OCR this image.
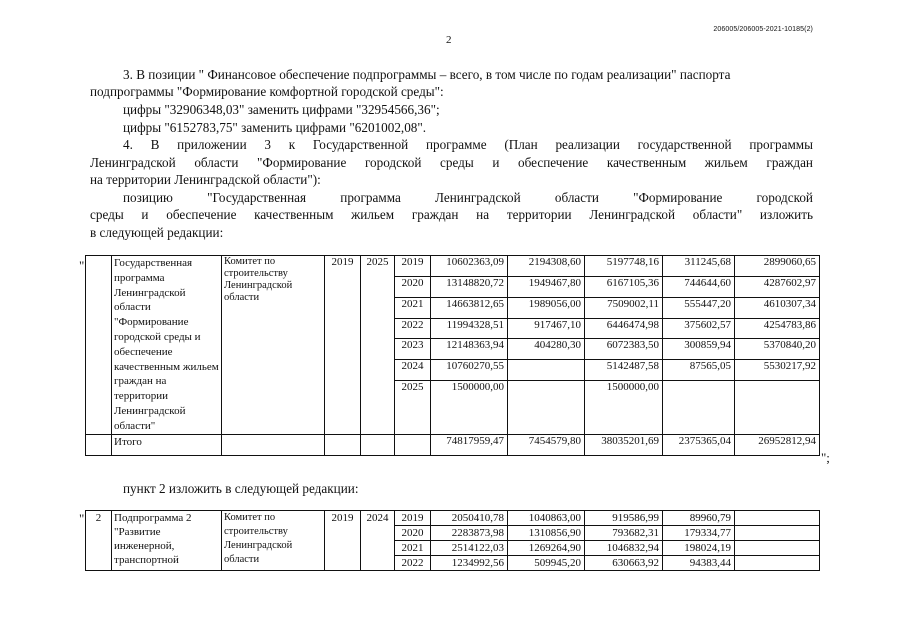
206005/206005-2021-10185(2)
2
3. В позиции " Финансовое обеспечение подпрограммы – всего, в том числе по годам реализации" паспорта
подпрограммы "Формирование комфортной городской среды":
цифры "32906348,03" заменить цифрами "32954566,36";
цифры "6152783,75" заменить цифрами "6201002,08".
4. В приложении 3 к Государственной программе (План реализации государственной программы
Ленинградской области "Формирование городской среды и обеспечение качественным жильем граждан
на территории Ленинградской области"):
позицию "Государственная программа Ленинградской области "Формирование городской
среды и обеспечение качественным жильем граждан на территории Ленинградской области" изложить
в следующей редакции:
"
		Государственная программа Ленинградской области "Формирование городской среды и обеспечение качественным жильем граждан на территории Ленинградской области"	Комитет по строительству Ленинградской области	2019	2025	2019	10602363,09	2194308,60	5197748,16	311245,68	2899060,65
					2020	13148820,72	1949467,80	6167105,36	744644,60	4287602,97
					2021	14663812,65	1989056,00	7509002,11	555447,20	4610307,34
					2022	11994328,51	917467,10	6446474,98	375602,57	4254783,86
					2023	12148363,94	404280,30	6072383,50	300859,94	5370840,20
					2024	10760270,55		5142487,58	87565,05	5530217,92
					2025	1500000,00		1500000,00		
	Итого					74817959,47	7454579,80	38035201,69	2375365,04	26952812,94
";
пункт 2 изложить в следующей редакции:
" 2	Подпрограмма 2 "Развитие инженерной, транспортной	Комитет по строительству Ленинградской области	2019	2024	2019	2050410,78	1040863,00	919586,99	89960,79	
					2020	2283873,98	1310856,90	793682,31	179334,77	
					2021	2514122,03	1269264,90	1046832,94	198024,19	
					2022	1234992,56	509945,20	630663,92	94383,44	
